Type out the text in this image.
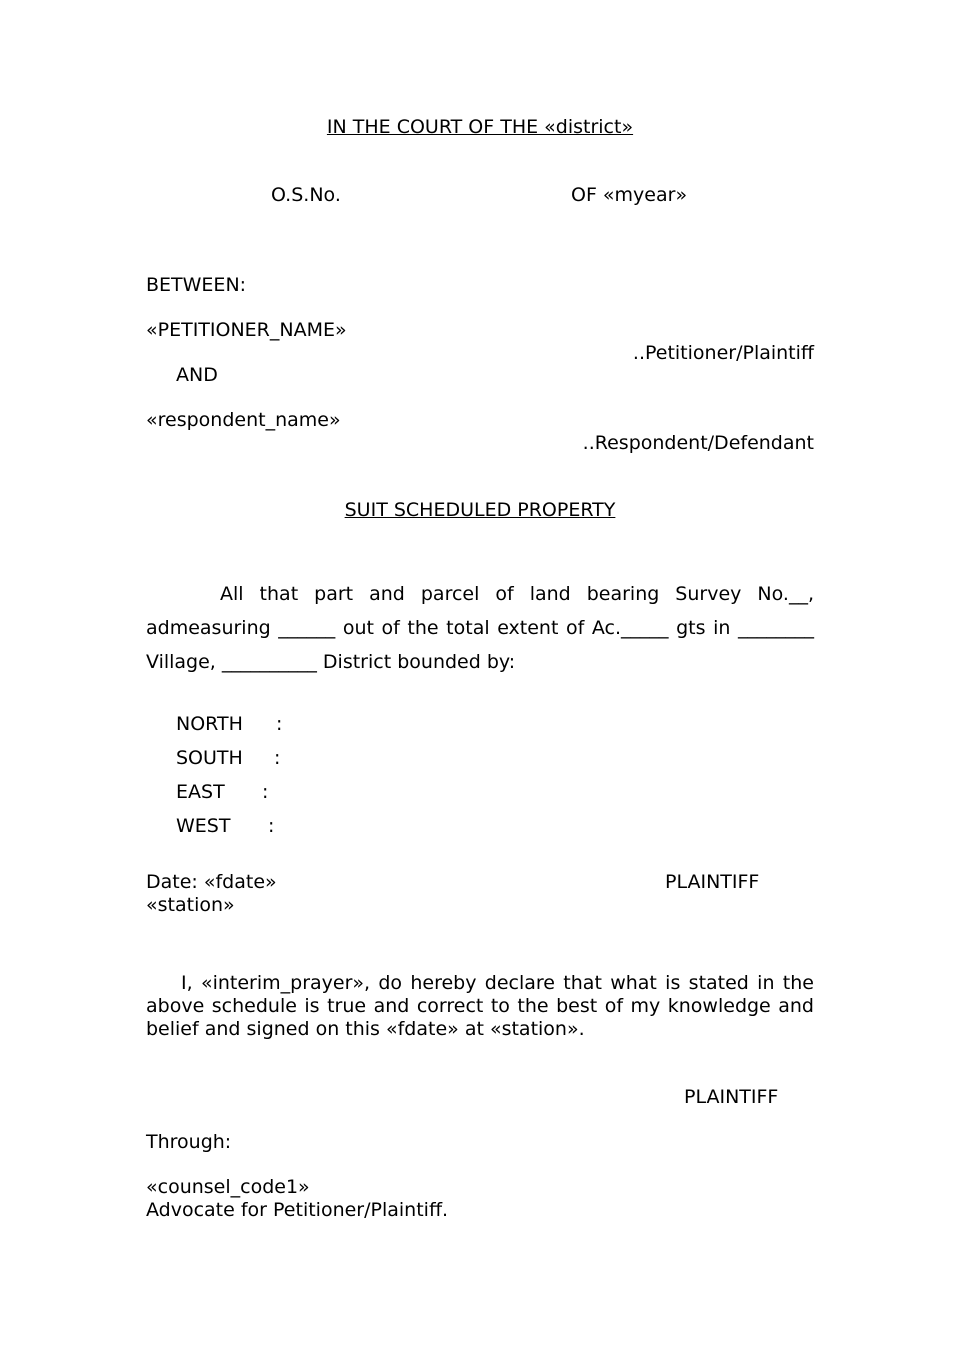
IN THE COURT OF THE «district»

O.S.No.	OF «myear»

BETWEEN:

«PETITIONER_NAME»

..Petitioner/Plaintiff

AND

«respondent_name»

..Respondent/Defendant

SUIT SCHEDULED PROPERTY

All that part and parcel of land bearing Survey No.__, admeasuring ______ out of the total extent of Ac._____ gts in ________ Village, __________ District bounded by:

NORTH :

SOUTH :

EAST :

WEST :

Date: «fdate»	PLAINTIFF

«station»

I, «interim_prayer», do hereby declare that what is stated in the above schedule is true and correct to the best of my knowledge and belief and signed on this «fdate» at «station».

PLAINTIFF

Through:

«counsel_code1»

Advocate for Petitioner/Plaintiff.
